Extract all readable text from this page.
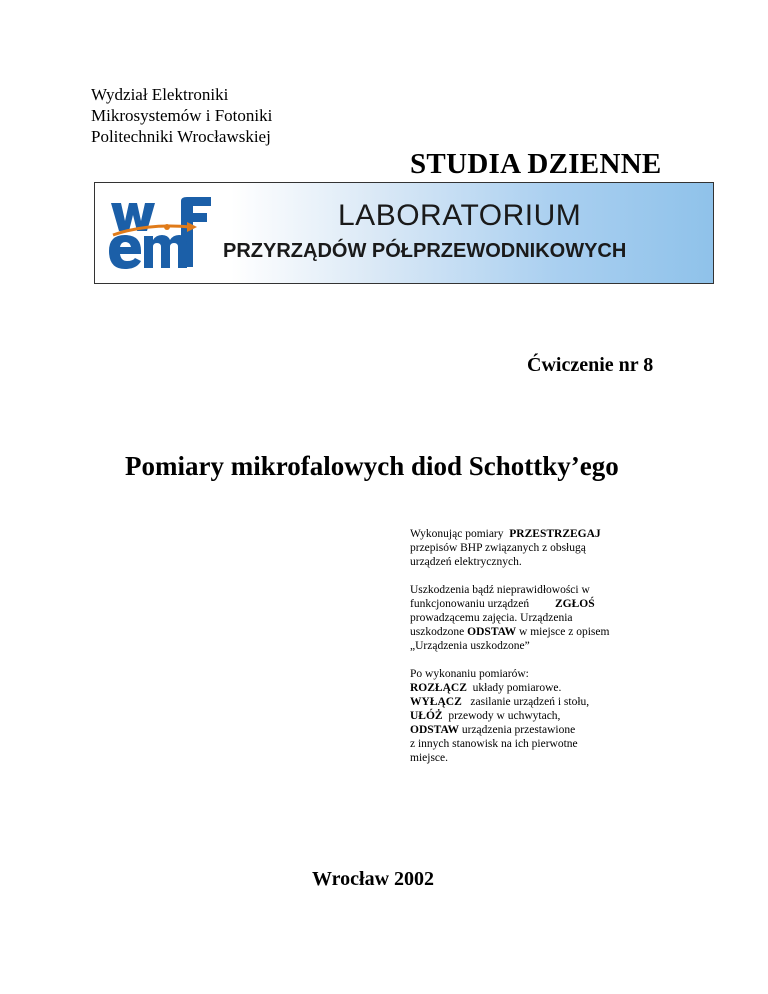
Wydział Elektroniki
Mikrosystemów i Fotoniki
Politechniki Wrocławskiej
STUDIA DZIENNE
LABORATORIUM
PRZYRZĄDÓW PÓŁPRZEWODNIKOWYCH
Ćwiczenie nr 8
Pomiary mikrofalowych diod Schottky’ego

Wykonując pomiary PRZESTRZEGAJ
przepisów BHP związanych z obsługą
urządzeń elektrycznych.

Uszkodzenia bądź nieprawidłowości w
funkcjonowaniu urządzeń ZGŁOŚ
prowadzącemu zajęcia. Urządzenia
uszkodzone ODSTAW w miejsce z opisem
„Urządzenia uszkodzone”

Po wykonaniu pomiarów:
ROZŁĄCZ układy pomiarowe.
WYŁĄCZ zasilanie urządzeń i stołu,
UŁÓŻ przewody w uchwytach,
ODSTAW urządzenia przestawione
z innych stanowisk na ich pierwotne
miejsce.

Wrocław 2002
